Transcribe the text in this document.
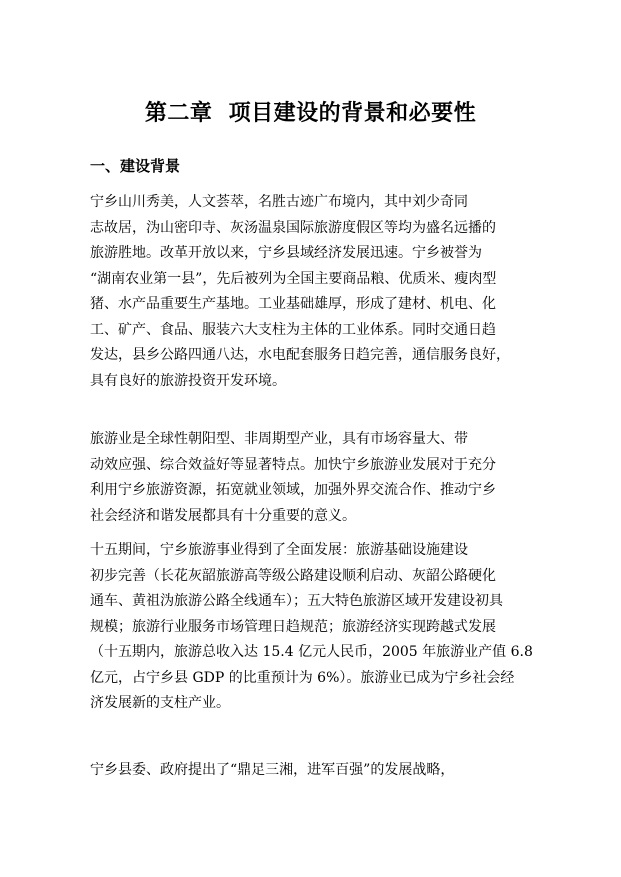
第二章  项目建设的背景和必要性
一、建设背景
宁乡山川秀美，人文荟萃，名胜古迹广布境内，其中刘少奇同
志故居，沩山密印寺、灰汤温泉国际旅游度假区等均为盛名远播的
旅游胜地。改革开放以来，宁乡县域经济发展迅速。宁乡被誉为
“湖南农业第一县”，先后被列为全国主要商品粮、优质米、瘦肉型
猪、水产品重要生产基地。工业基础雄厚，形成了建材、机电、化
工、矿产、食品、服装六大支柱为主体的工业体系。同时交通日趋
发达，县乡公路四通八达，水电配套服务日趋完善，通信服务良好，
具有良好的旅游投资开发环境。
旅游业是全球性朝阳型、非周期型产业，具有市场容量大、带
动效应强、综合效益好等显著特点。加快宁乡旅游业发展对于充分
利用宁乡旅游资源，拓宽就业领域，加强外界交流合作、推动宁乡
社会经济和谐发展都具有十分重要的意义。
十五期间，宁乡旅游事业得到了全面发展：旅游基础设施建设
初步完善（长花灰韶旅游高等级公路建设顺利启动、灰韶公路硬化
通车、黄祖沩旅游公路全线通车）；五大特色旅游区域开发建设初具
规模；旅游行业服务市场管理日趋规范；旅游经济实现跨越式发展
（十五期内，旅游总收入达 15.4 亿元人民币，2005 年旅游业产值 6.8
亿元，占宁乡县 GDP 的比重预计为 6%）。旅游业已成为宁乡社会经
济发展新的支柱产业。
宁乡县委、政府提出了“鼎足三湘，进军百强”的发展战略，
